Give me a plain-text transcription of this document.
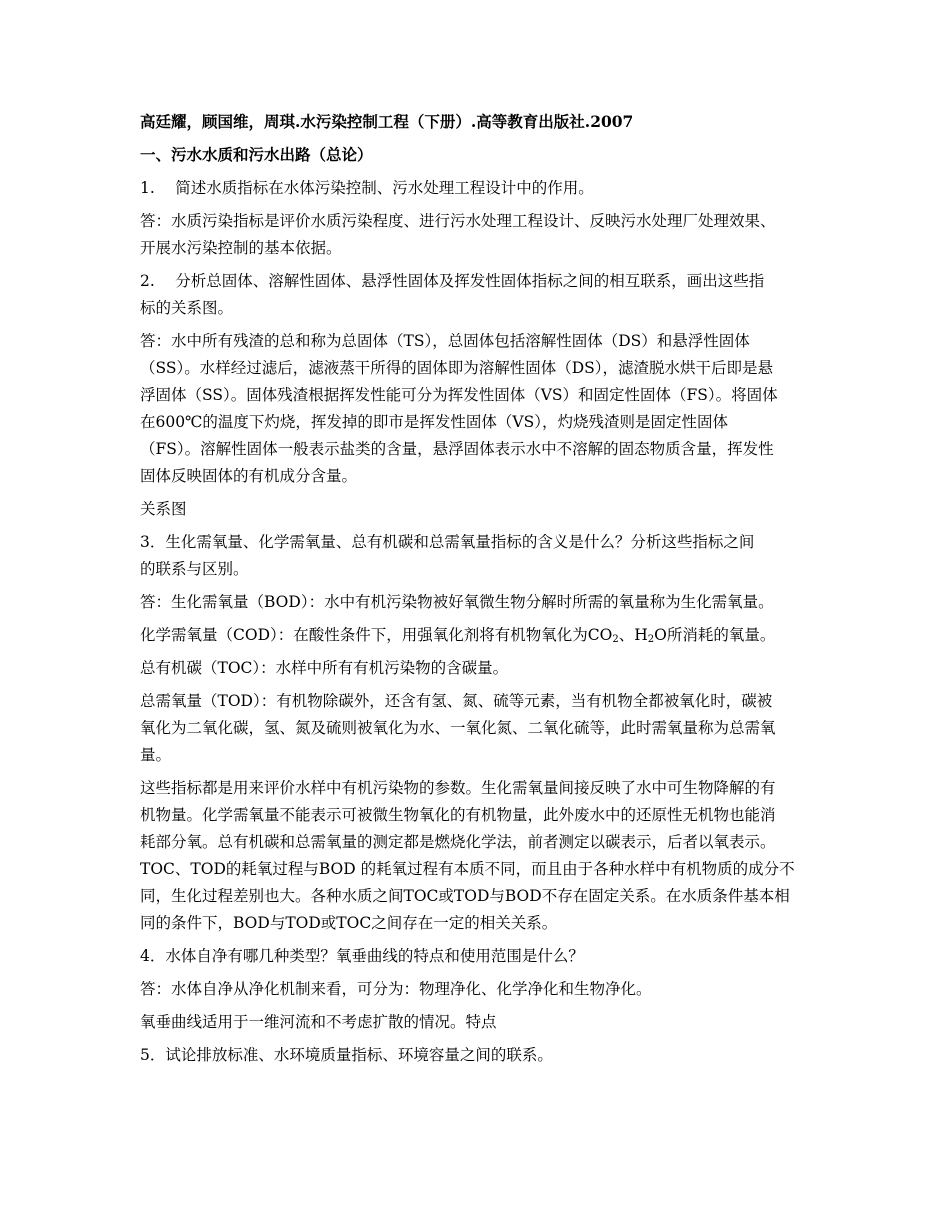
高廷耀，顾国维，周琪.水污染控制工程（下册）.高等教育出版社.2007
一、污水水质和污水出路（总论）
1.　 简述水质指标在水体污染控制、污水处理工程设计中的作用。
答：水质污染指标是评价水质污染程度、进行污水处理工程设计、反映污水处理厂处理效果、
开展水污染控制的基本依据。
2.　 分析总固体、溶解性固体、悬浮性固体及挥发性固体指标之间的相互联系，画出这些指
标的关系图。
答：水中所有残渣的总和称为总固体（TS），总固体包括溶解性固体（DS）和悬浮性固体
（SS）。水样经过滤后，滤液蒸干所得的固体即为溶解性固体（DS），滤渣脱水烘干后即是悬
浮固体（SS）。固体残渣根据挥发性能可分为挥发性固体（VS）和固定性固体（FS）。将固体
在600℃的温度下灼烧，挥发掉的即市是挥发性固体（VS），灼烧残渣则是固定性固体
（FS）。溶解性固体一般表示盐类的含量，悬浮固体表示水中不溶解的固态物质含量，挥发性
固体反映固体的有机成分含量。
关系图
3．生化需氧量、化学需氧量、总有机碳和总需氧量指标的含义是什么？分析这些指标之间
的联系与区别。
答：生化需氧量（BOD）：水中有机污染物被好氧微生物分解时所需的氧量称为生化需氧量。
化学需氧量（COD）：在酸性条件下，用强氧化剂将有机物氧化为$CO_2$、$H_2O$所消耗的氧量。
总有机碳（TOC）：水样中所有有机污染物的含碳量。
总需氧量（TOD）：有机物除碳外，还含有氢、氮、硫等元素，当有机物全都被氧化时，碳被
氧化为二氧化碳，氢、氮及硫则被氧化为水、一氧化氮、二氧化硫等，此时需氧量称为总需氧
量。
这些指标都是用来评价水样中有机污染物的参数。生化需氧量间接反映了水中可生物降解的有
机物量。化学需氧量不能表示可被微生物氧化的有机物量，此外废水中的还原性无机物也能消
耗部分氧。总有机碳和总需氧量的测定都是燃烧化学法，前者测定以碳表示，后者以氧表示。
TOC、TOD的耗氧过程与BOD 的耗氧过程有本质不同，而且由于各种水样中有机物质的成分不
同，生化过程差别也大。各种水质之间TOC或TOD与BOD不存在固定关系。在水质条件基本相
同的条件下，BOD与TOD或TOC之间存在一定的相关关系。
4．水体自净有哪几种类型？氧垂曲线的特点和使用范围是什么？
答：水体自净从净化机制来看，可分为：物理净化、化学净化和生物净化。
氧垂曲线适用于一维河流和不考虑扩散的情况。特点
5．试论排放标准、水环境质量指标、环境容量之间的联系。
